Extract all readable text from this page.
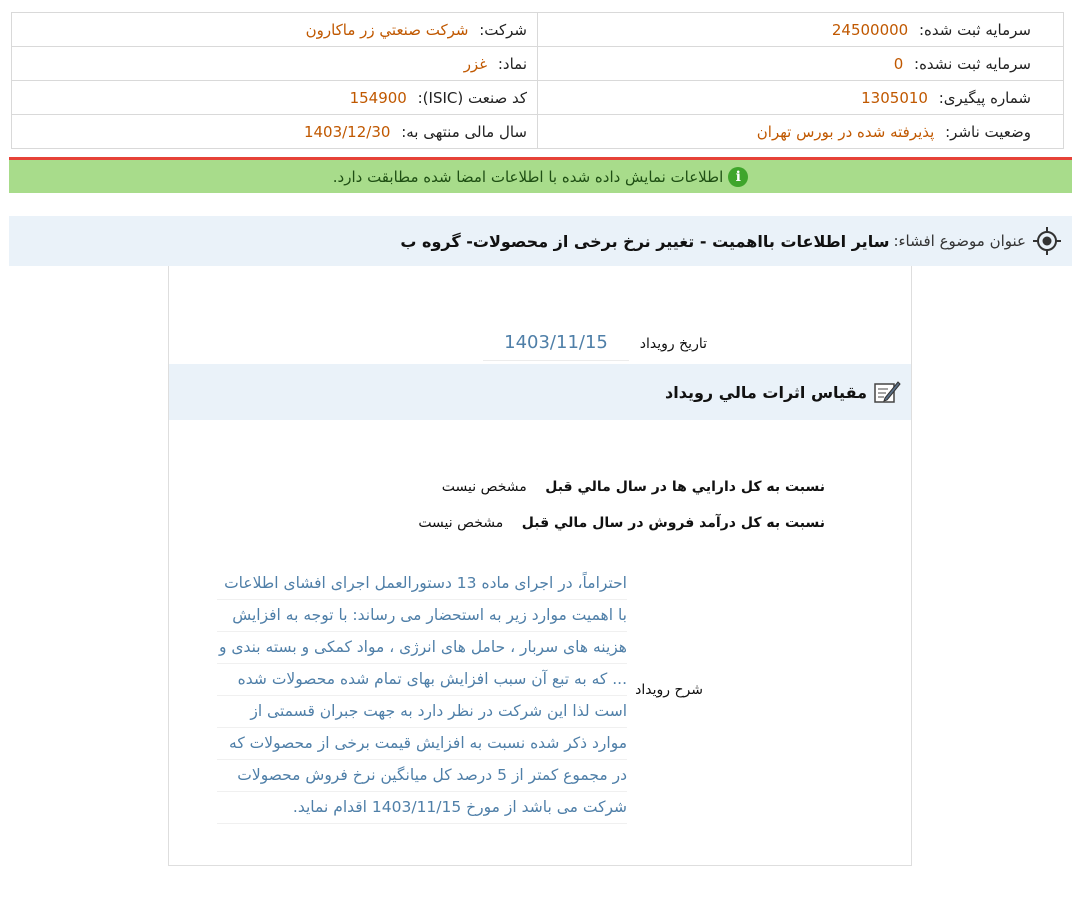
شرکت: شرکت صنعتي زر ماکارون	سرمایه ثبت شده: 24500000
نماد: غزر	سرمایه ثبت نشده: 0
کد صنعت (ISIC): 154900	شماره پیگیری: 1305010
سال مالی منتهی به: 1403/12/30	وضعیت ناشر: پذیرفته شده در بورس تهران
i
اطلاعات نمایش داده شده با اطلاعات امضا شده مطابقت دارد.
عنوان موضوع افشاء:
ساير اطلاعات بااهميت - تغيير نرخ برخی از محصولات- گروه ب
تاريخ رويداد
1403/11/15
مقياس اثرات مالي رويداد
نسبت به کل دارايي ها در سال مالي قبل مشخص نيست
نسبت به کل درآمد فروش در سال مالي قبل مشخص نيست
شرح رويداد
احتراماً، در اجرای ماده 13 دستورالعمل اجرای افشای اطلاعات
با اهمیت موارد زیر به استحضار می رساند: با توجه به افزایش
هزینه های سربار ، حامل های انرژی ، مواد کمکی و بسته بندی و
... که به تبع آن سبب افزایش بهای تمام شده محصولات شده
است لذا این شرکت در نظر دارد به جهت جبران قسمتی از
موارد ذکر شده نسبت به افزایش قیمت برخی از محصولات که
در مجموع کمتر از 5 درصد کل میانگین نرخ فروش محصولات
شرکت می باشد از مورخ 1403/11/15 اقدام نماید.
